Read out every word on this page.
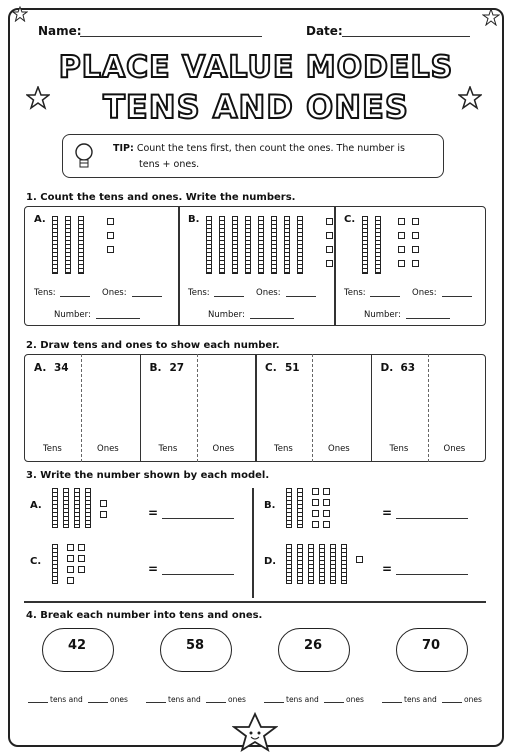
Name:	Date:
PLACE VALUE MODELS
TENS AND ONES
TIP: Count the tens first, then count the ones. The number is
tens + ones.
1. Count the tens and ones. Write the numbers.
A.
Tens:	Ones:
Number:
B.
Tens:	Ones:
Number:
C.
Tens:	Ones:
Number:
2. Draw tens and ones to show each number.
A. 34
Tens	Ones
B. 27
Tens	Ones
C. 51
Tens	Ones
D. 63
Tens	Ones
3. Write the number shown by each model.
A.
=
B.
=
C.
=
D.
=
4. Break each number into tens and ones.
42
tens and	ones
58
tens and	ones
26
tens and	ones
70
tens and	ones
